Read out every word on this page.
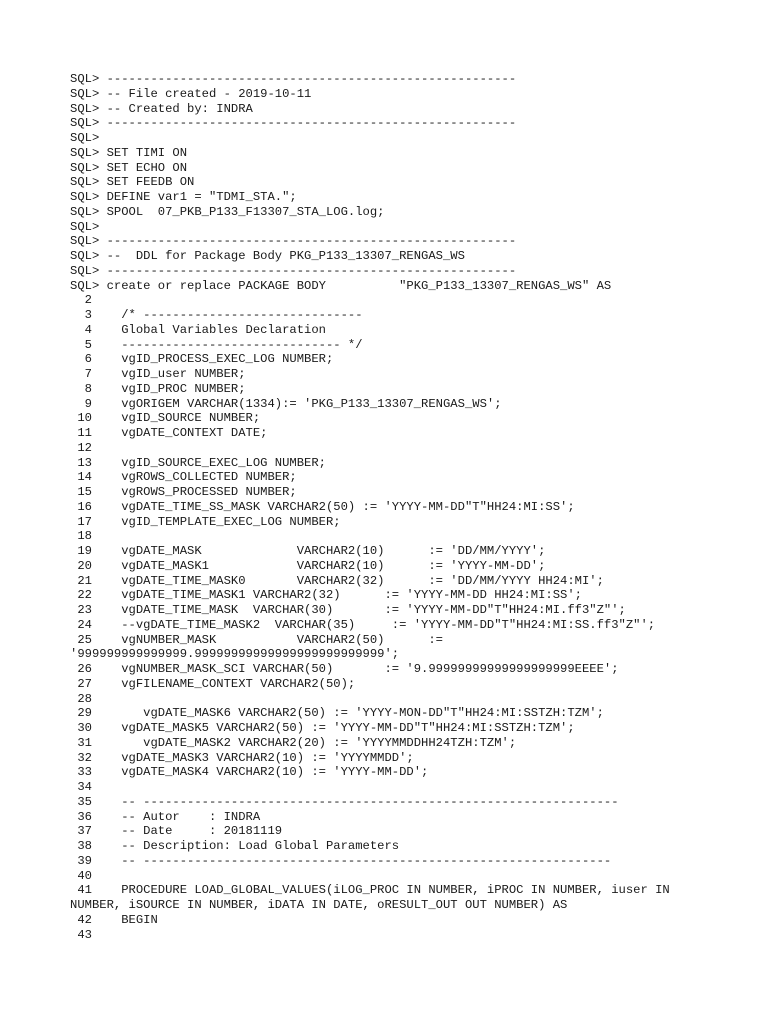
SQL> --------------------------------------------------------
SQL> -- File created - 2019-10-11
SQL> -- Created by: INDRA
SQL> --------------------------------------------------------
SQL>
SQL> SET TIMI ON
SQL> SET ECHO ON
SQL> SET FEEDB ON
SQL> DEFINE var1 = "TDMI_STA.";
SQL> SPOOL  07_PKB_P133_F13307_STA_LOG.log;
SQL>
SQL> --------------------------------------------------------
SQL> --  DDL for Package Body PKG_P133_13307_RENGAS_WS
SQL> --------------------------------------------------------
SQL> create or replace PACKAGE BODY          "PKG_P133_13307_RENGAS_WS" AS
2
3    /* ------------------------------
4    Global Variables Declaration
5    ------------------------------ */
6    vgID_PROCESS_EXEC_LOG NUMBER;
7    vgID_user NUMBER;
8    vgID_PROC NUMBER;
9    vgORIGEM VARCHAR(1334):= 'PKG_P133_13307_RENGAS_WS';
10    vgID_SOURCE NUMBER;
11    vgDATE_CONTEXT DATE;
12
13    vgID_SOURCE_EXEC_LOG NUMBER;
14    vgROWS_COLLECTED NUMBER;
15    vgROWS_PROCESSED NUMBER;
16    vgDATE_TIME_SS_MASK VARCHAR2(50) := 'YYYY-MM-DD"T"HH24:MI:SS';
17    vgID_TEMPLATE_EXEC_LOG NUMBER;
18
19    vgDATE_MASK             VARCHAR2(10)      := 'DD/MM/YYYY';
20    vgDATE_MASK1            VARCHAR2(10)      := 'YYYY-MM-DD';
21    vgDATE_TIME_MASK0       VARCHAR2(32)      := 'DD/MM/YYYY HH24:MI';
22    vgDATE_TIME_MASK1 VARCHAR2(32)      := 'YYYY-MM-DD HH24:MI:SS';
23    vgDATE_TIME_MASK  VARCHAR(30)       := 'YYYY-MM-DD"T"HH24:MI.ff3"Z"';
24    --vgDATE_TIME_MASK2  VARCHAR(35)     := 'YYYY-MM-DD"T"HH24:MI:SS.ff3"Z"';
25    vgNUMBER_MASK           VARCHAR2(50)      :=
'999999999999999.99999999999999999999999999';
26    vgNUMBER_MASK_SCI VARCHAR(50)       := '9.99999999999999999999EEEE';
27    vgFILENAME_CONTEXT VARCHAR2(50);
28
29       vgDATE_MASK6 VARCHAR2(50) := 'YYYY-MON-DD"T"HH24:MI:SSTZH:TZM';
30    vgDATE_MASK5 VARCHAR2(50) := 'YYYY-MM-DD"T"HH24:MI:SSTZH:TZM';
31       vgDATE_MASK2 VARCHAR2(20) := 'YYYYMMDDHH24TZH:TZM';
32    vgDATE_MASK3 VARCHAR2(10) := 'YYYYMMDD';
33    vgDATE_MASK4 VARCHAR2(10) := 'YYYY-MM-DD';
34
35    -- -----------------------------------------------------------------
36    -- Autor    : INDRA
37    -- Date     : 20181119
38    -- Description: Load Global Parameters
39    -- ----------------------------------------------------------------
40
41    PROCEDURE LOAD_GLOBAL_VALUES(iLOG_PROC IN NUMBER, iPROC IN NUMBER, iuser IN
NUMBER, iSOURCE IN NUMBER, iDATA IN DATE, oRESULT_OUT OUT NUMBER) AS
42    BEGIN
43
